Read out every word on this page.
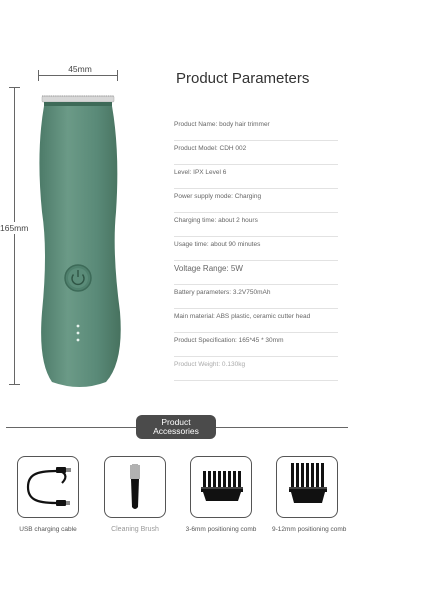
45mm
165mm
Product Parameters
Product Name: body hair trimmer
Product Model: CDH 002
Level: IPX Level 6
Power supply mode: Charging
Charging time: about 2 hours
Usage time: about 90 minutes
Voltage Range: 5W
Battery parameters: 3.2V750mAh
Main material: ABS plastic, ceramic cutter head
Product Specification: 165*45 * 30mm
Product Weight: 0.130kg
Product
Accessories
USB charging cable	Cleaning Brush	3-6mm positioning comb 9-12mm positioning comb
